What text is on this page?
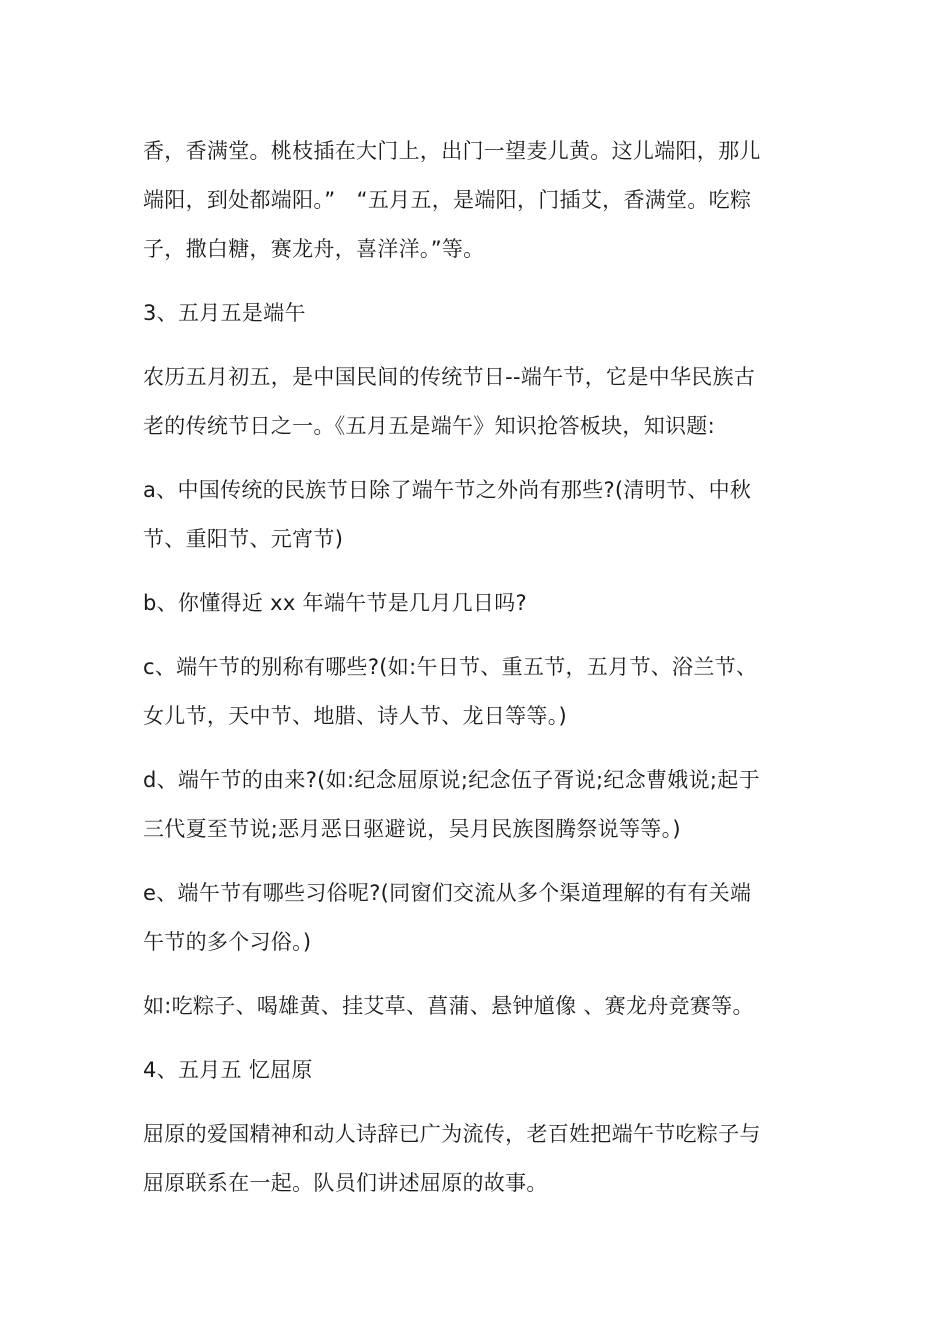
香，香满堂。桃枝插在大门上，出门一望麦儿黄。这儿端阳，那儿
端阳，到处都端阳。”　“五月五，是端阳，门插艾，香满堂。吃粽
子，撒白糖，赛龙舟，喜洋洋。”等。

3、五月五是端午

农历五月初五，是中国民间的传统节日--端午节，它是中华民族古
老的传统节日之一。《五月五是端午》知识抢答板块，知识题:

a、中国传统的民族节日除了端午节之外尚有那些?(清明节、中秋
节、重阳节、元宵节)

b、你懂得近 xx 年端午节是几月几日吗?

c、端午节的别称有哪些?(如:午日节、重五节，五月节、浴兰节、
女儿节，天中节、地腊、诗人节、龙日等等。)

d、端午节的由来?(如:纪念屈原说;纪念伍子胥说;纪念曹娥说;起于
三代夏至节说;恶月恶日驱避说，吴月民族图腾祭说等等。)

e、端午节有哪些习俗呢?(同窗们交流从多个渠道理解的有有关端
午节的多个习俗。)

如:吃粽子、喝雄黄、挂艾草、菖蒲、悬钟馗像 、赛龙舟竞赛等。

4、五月五 忆屈原

屈原的爱国精神和动人诗辞已广为流传，老百姓把端午节吃粽子与
屈原联系在一起。队员们讲述屈原的故事。
